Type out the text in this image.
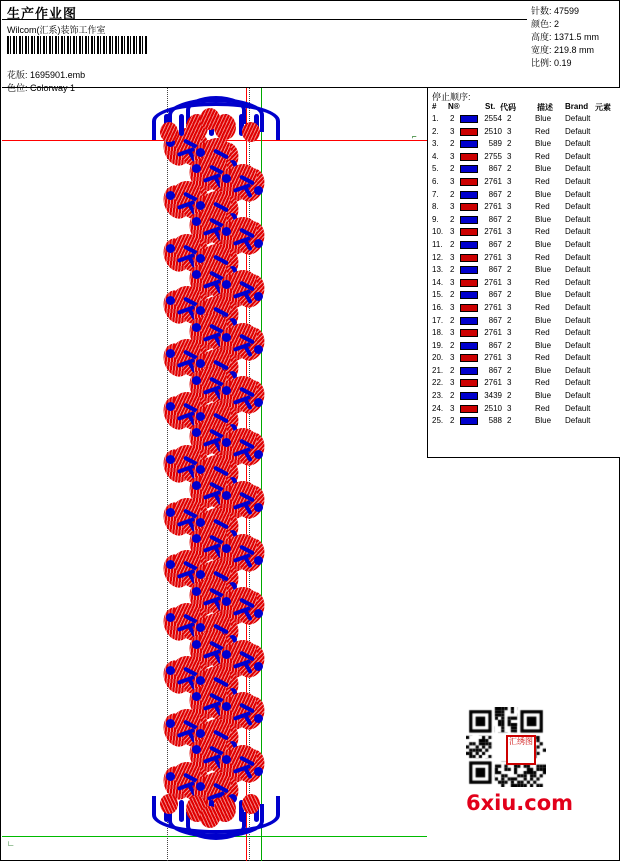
生产作业图
Wilcom(汇系)装饰工作室
花版: 1695901.emb
色位: Colorway 1
针数: 47599
颜色: 2
高度: 1371.5 mm
宽度: 219.8 mm
比例: 0.19
⌐
停止顺序:
# N®	St. 代码	描述 Brand 元素
1.	2	2554 2	Blue Default
2.	3	2510 3	Red Default
3.	2	589 2	Blue Default
4.	3	2755 3	Red Default
5.	2	867 2	Blue Default
6.	3	2761 3	Red Default
7.	2	867 2	Blue Default
8.	3	2761 3	Red Default
9.	2	867 2	Blue Default
10. 3	2761 3	Red Default
11. 2	867 2	Blue Default
12. 3	2761 3	Red Default
13. 2	867 2	Blue Default
14. 3	2761 3	Red Default
15. 2	867 2	Blue Default
16. 3	2761 3	Red Default
17. 2	867 2	Blue Default
18. 3	2761 3	Red Default
19. 2	867 2	Blue Default
20. 3	2761 3	Red Default
21. 2	867 2	Blue Default
22. 3	2761 3	Red Default
23. 2	3439 2	Blue Default
24. 3	2510 3	Red Default
25. 2	588 2	Blue Default
汇绣图
6xiu.com
∟
